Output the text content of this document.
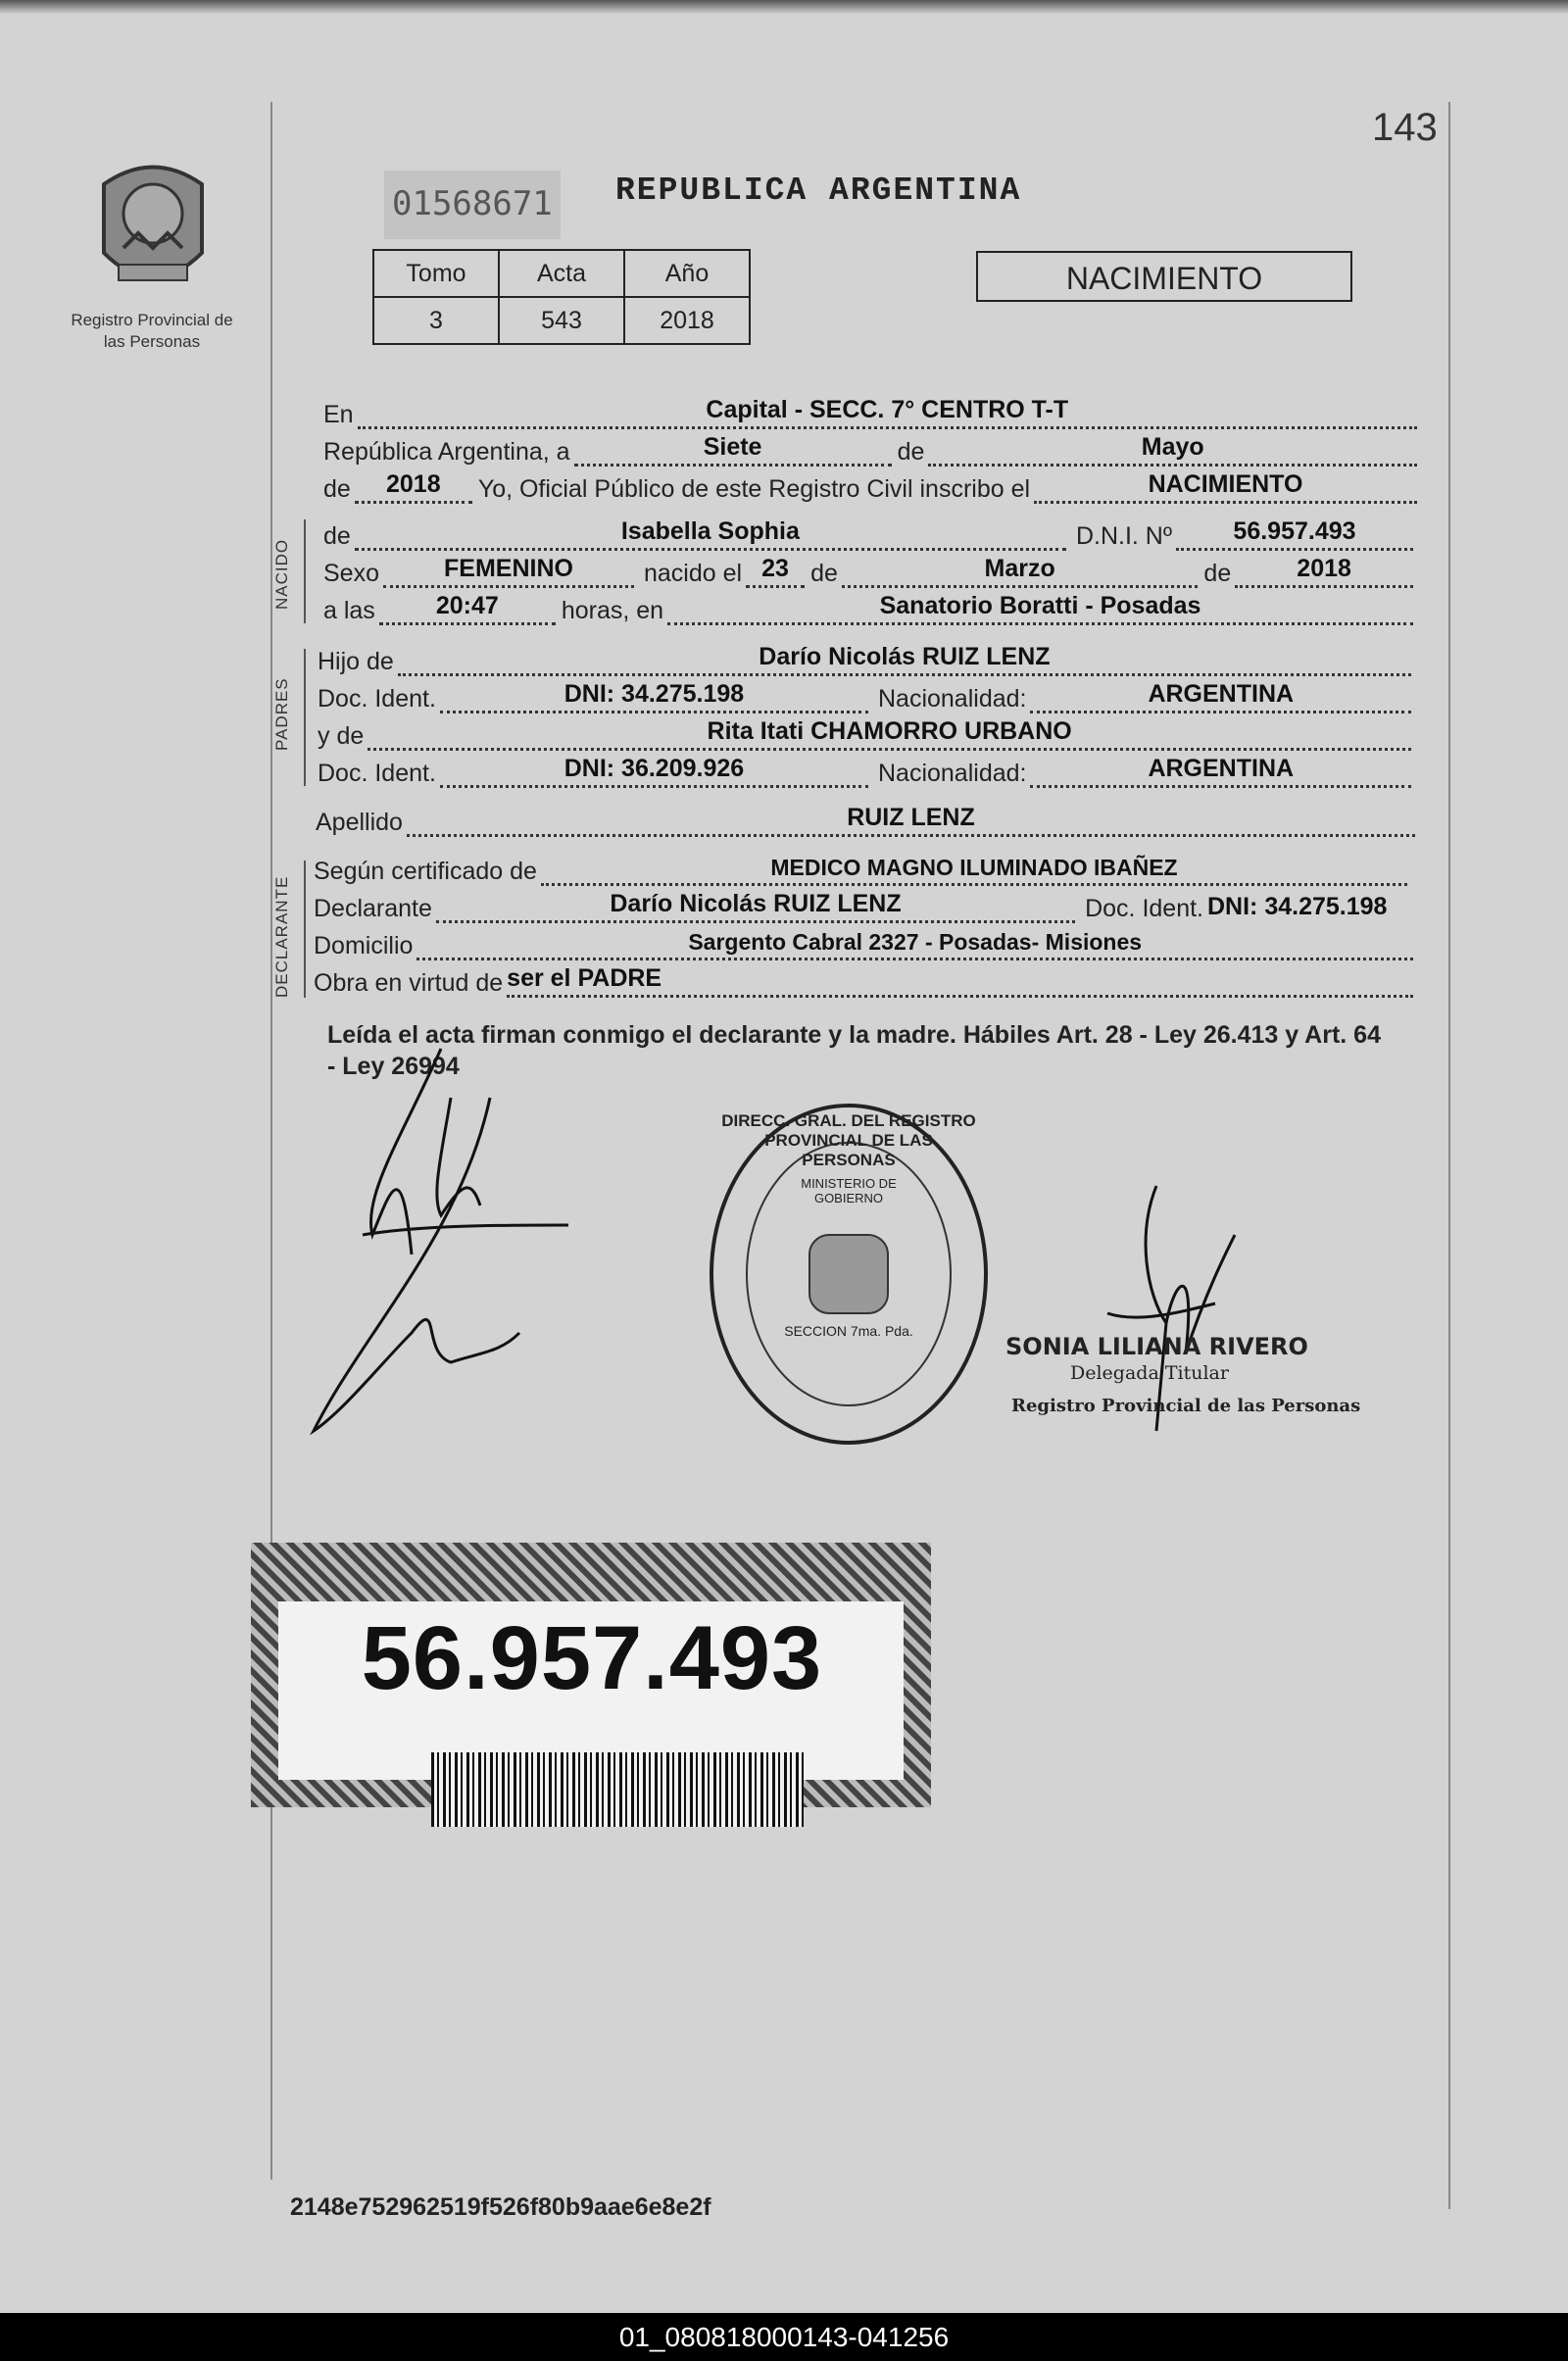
Registro Provincial de las Personas
143
01568671 REPUBLICA ARGENTINA
Tomo	Acta	Año
3	543	2018
NACIMIENTO
En	Capital - SECC. 7° CENTRO T-T
República Argentina, a	Siete	de	Mayo
de	2018	Yo, Oficial Público de este Registro Civil inscribo el	NACIMIENTO
de	Isabella Sophia	D.N.I. Nº	56.957.493
Sexo	FEMENINO	nacido el 23 de	Marzo	de	2018
a las	20:47	horas, en	Sanatorio Boratti - Posadas
Hijo de	Darío Nicolás RUIZ LENZ
Doc. Ident.	DNI: 34.275.198	Nacionalidad:	ARGENTINA
y de	Rita Itati CHAMORRO URBANO
Doc. Ident.	DNI: 36.209.926	Nacionalidad:	ARGENTINA
Apellido	RUIZ LENZ
Según certificado de	MEDICO MAGNO ILUMINADO IBAÑEZ
Declarante	Darío Nicolás RUIZ LENZ	Doc. Ident. DNI: 34.275.198
Domicilio	Sargento Cabral 2327 - Posadas- Misiones
Obra en virtud de ser el PADRE
NACIDO
PADRES
DECLARANTE
Leída el acta firman conmigo el declarante y la madre. Hábiles Art. 28 - Ley 26.413 y Art. 64 - Ley 26994
DIRECC. GRAL. DEL REGISTRO PROVINCIAL DE LAS PERSONAS
MINISTERIO DE GOBIERNO
SECCION 7ma. Pda.
SONIA LILIANA RIVERO
Delegada Titular
Registro Provincial de las Personas
56.957.493
2148e752962519f526f80b9aae6e8e2f
01_080818000143-041256
